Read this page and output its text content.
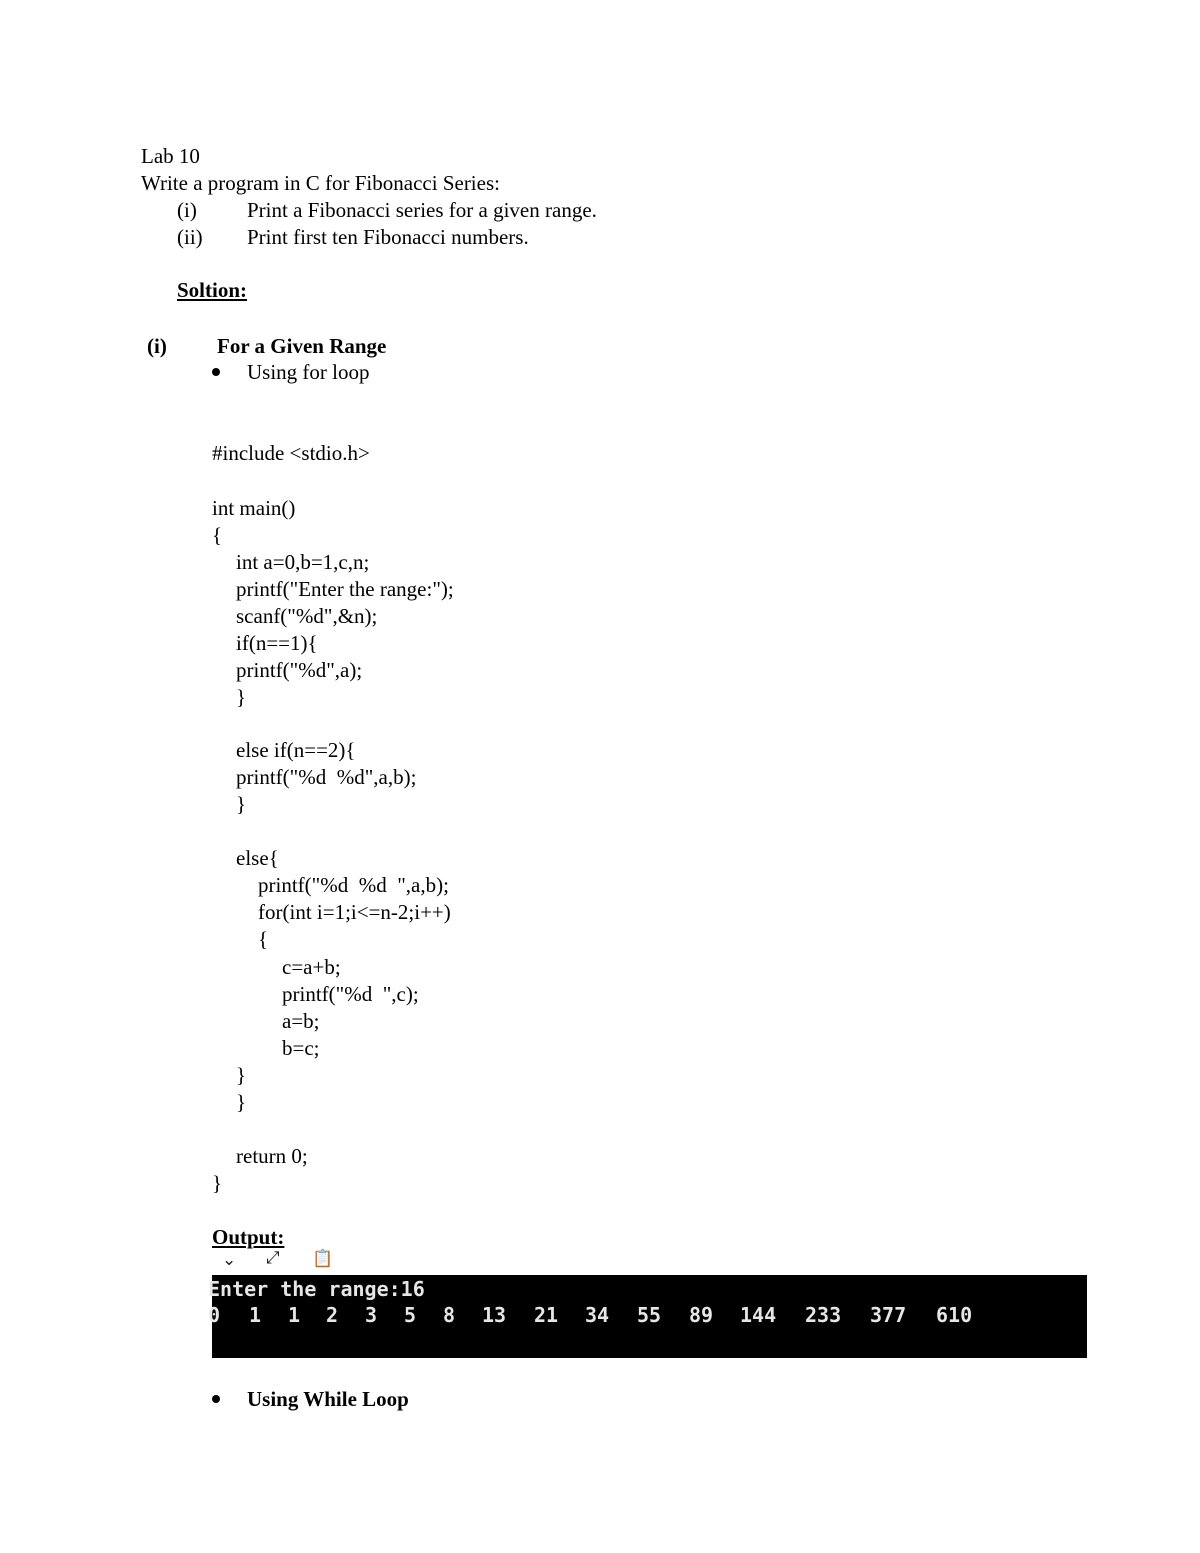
Lab 10
Write a program in C for Fibonacci Series:
(i) Print a Fibonacci series for a given range.
(ii) Print first ten Fibonacci numbers.
Soltion:
(i) For a Given Range
Using for loop
#include <stdio.h>
int main()
{
int a=0,b=1,c,n;
printf("Enter the range:");
scanf("%d",&n);
if(n==1){
printf("%d",a);
}
else if(n==2){
printf("%d  %d",a,b);
}
else{
printf("%d  %d  ",a,b);
for(int i=1;i<=n-2;i++)
{
c=a+b;
printf("%d  ",c);
a=b;
b=c;
}
}
return 0;
}
Output:
⌄ ⤢ 📋
Enter the range:16
0 1 1 2 3 5 8 13 21 34 55 89 144 233 377 610
Using While Loop
